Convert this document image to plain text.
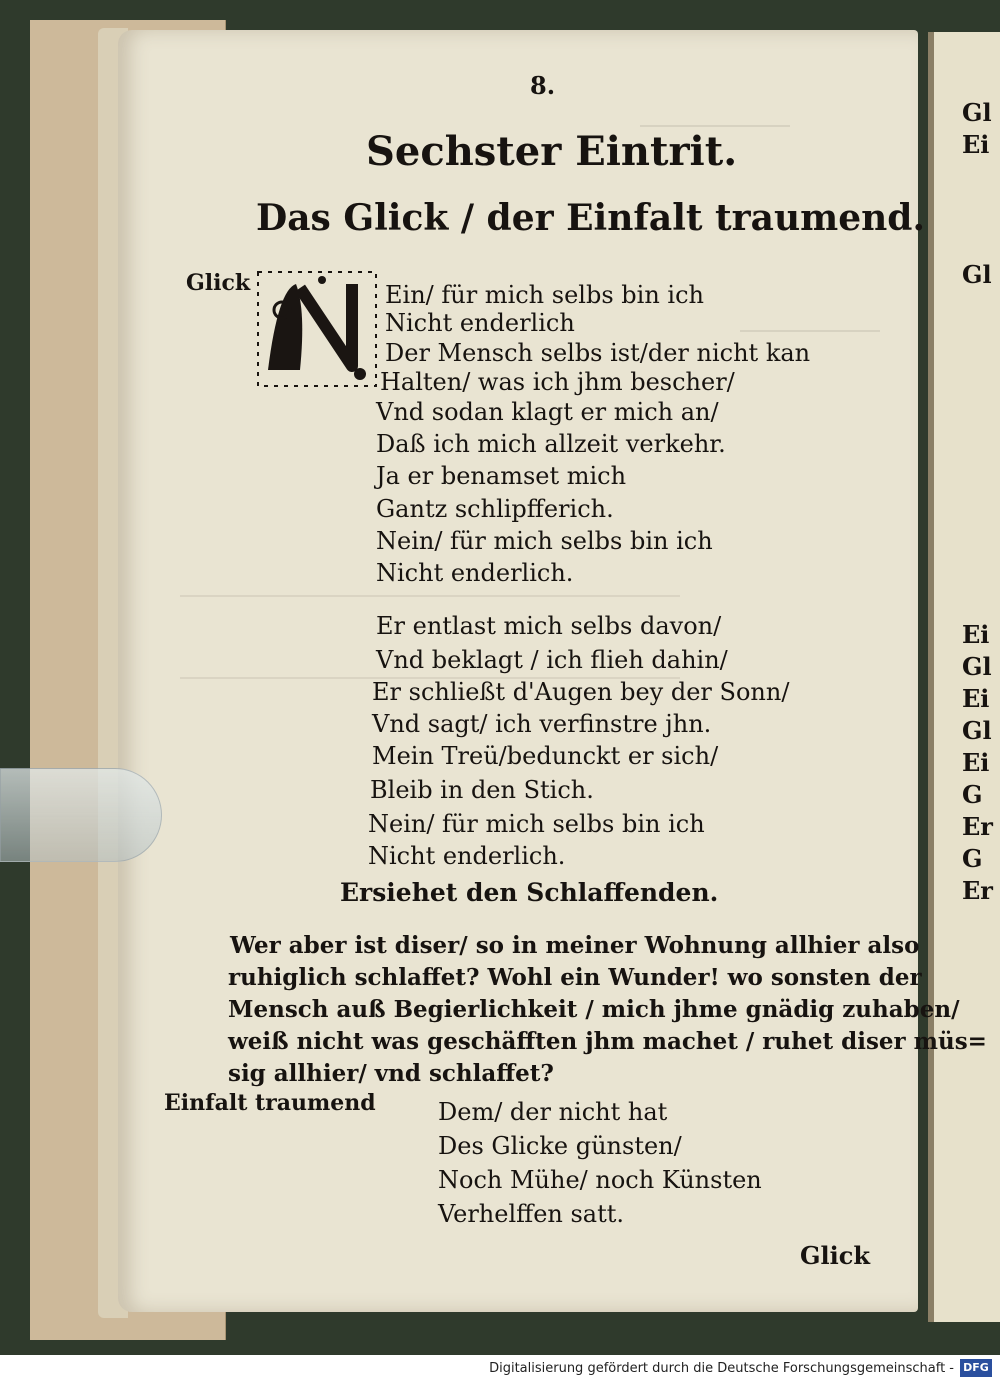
8.
Sechster Eintrit.
Das Glick / der Einfalt traumend.
Glick	Ein/ für mich selbs bin ich
Nicht enderlich
Der Mensch selbs ist/der nicht kan
Halten/ was ich jhm bescher/
Vnd sodan klagt er mich an/
Daß ich mich allzeit verkehr.
Ja er benamset mich
Gantz schlipfferich.
Nein/ für mich selbs bin ich
Nicht enderlich.
Er entlast mich selbs davon/
Vnd beklagt / ich flieh dahin/
Er schließt d'Augen bey der Sonn/
Vnd sagt/ ich verfinstre jhn.
Mein Treü/bedunckt er sich/
Bleib in den Stich.
Nein/ für mich selbs bin ich
Nicht enderlich.
Ersiehet den Schlaffenden.
Wer aber ist diser/ so in meiner Wohnung allhier also
ruhiglich schlaffet? Wohl ein Wunder! wo sonsten der
Mensch auß Begierlichkeit / mich jhme gnädig zuhaben/
weiß nicht was geschäfften jhm machet / ruhet diser müs=
sig allhier/ vnd schlaffet?
Einfalt traumend	Dem/ der nicht hat
Des Glicke günsten/
Noch Mühe/ noch Künsten
Verhelffen satt.
Glick
Gl
Ei
Gl
Ei
Gl
Ei
Gl
Ei
G
Er
G
Er
Digitalisierung gefördert durch die Deutsche Forschungsgemeinschaft - DFG
